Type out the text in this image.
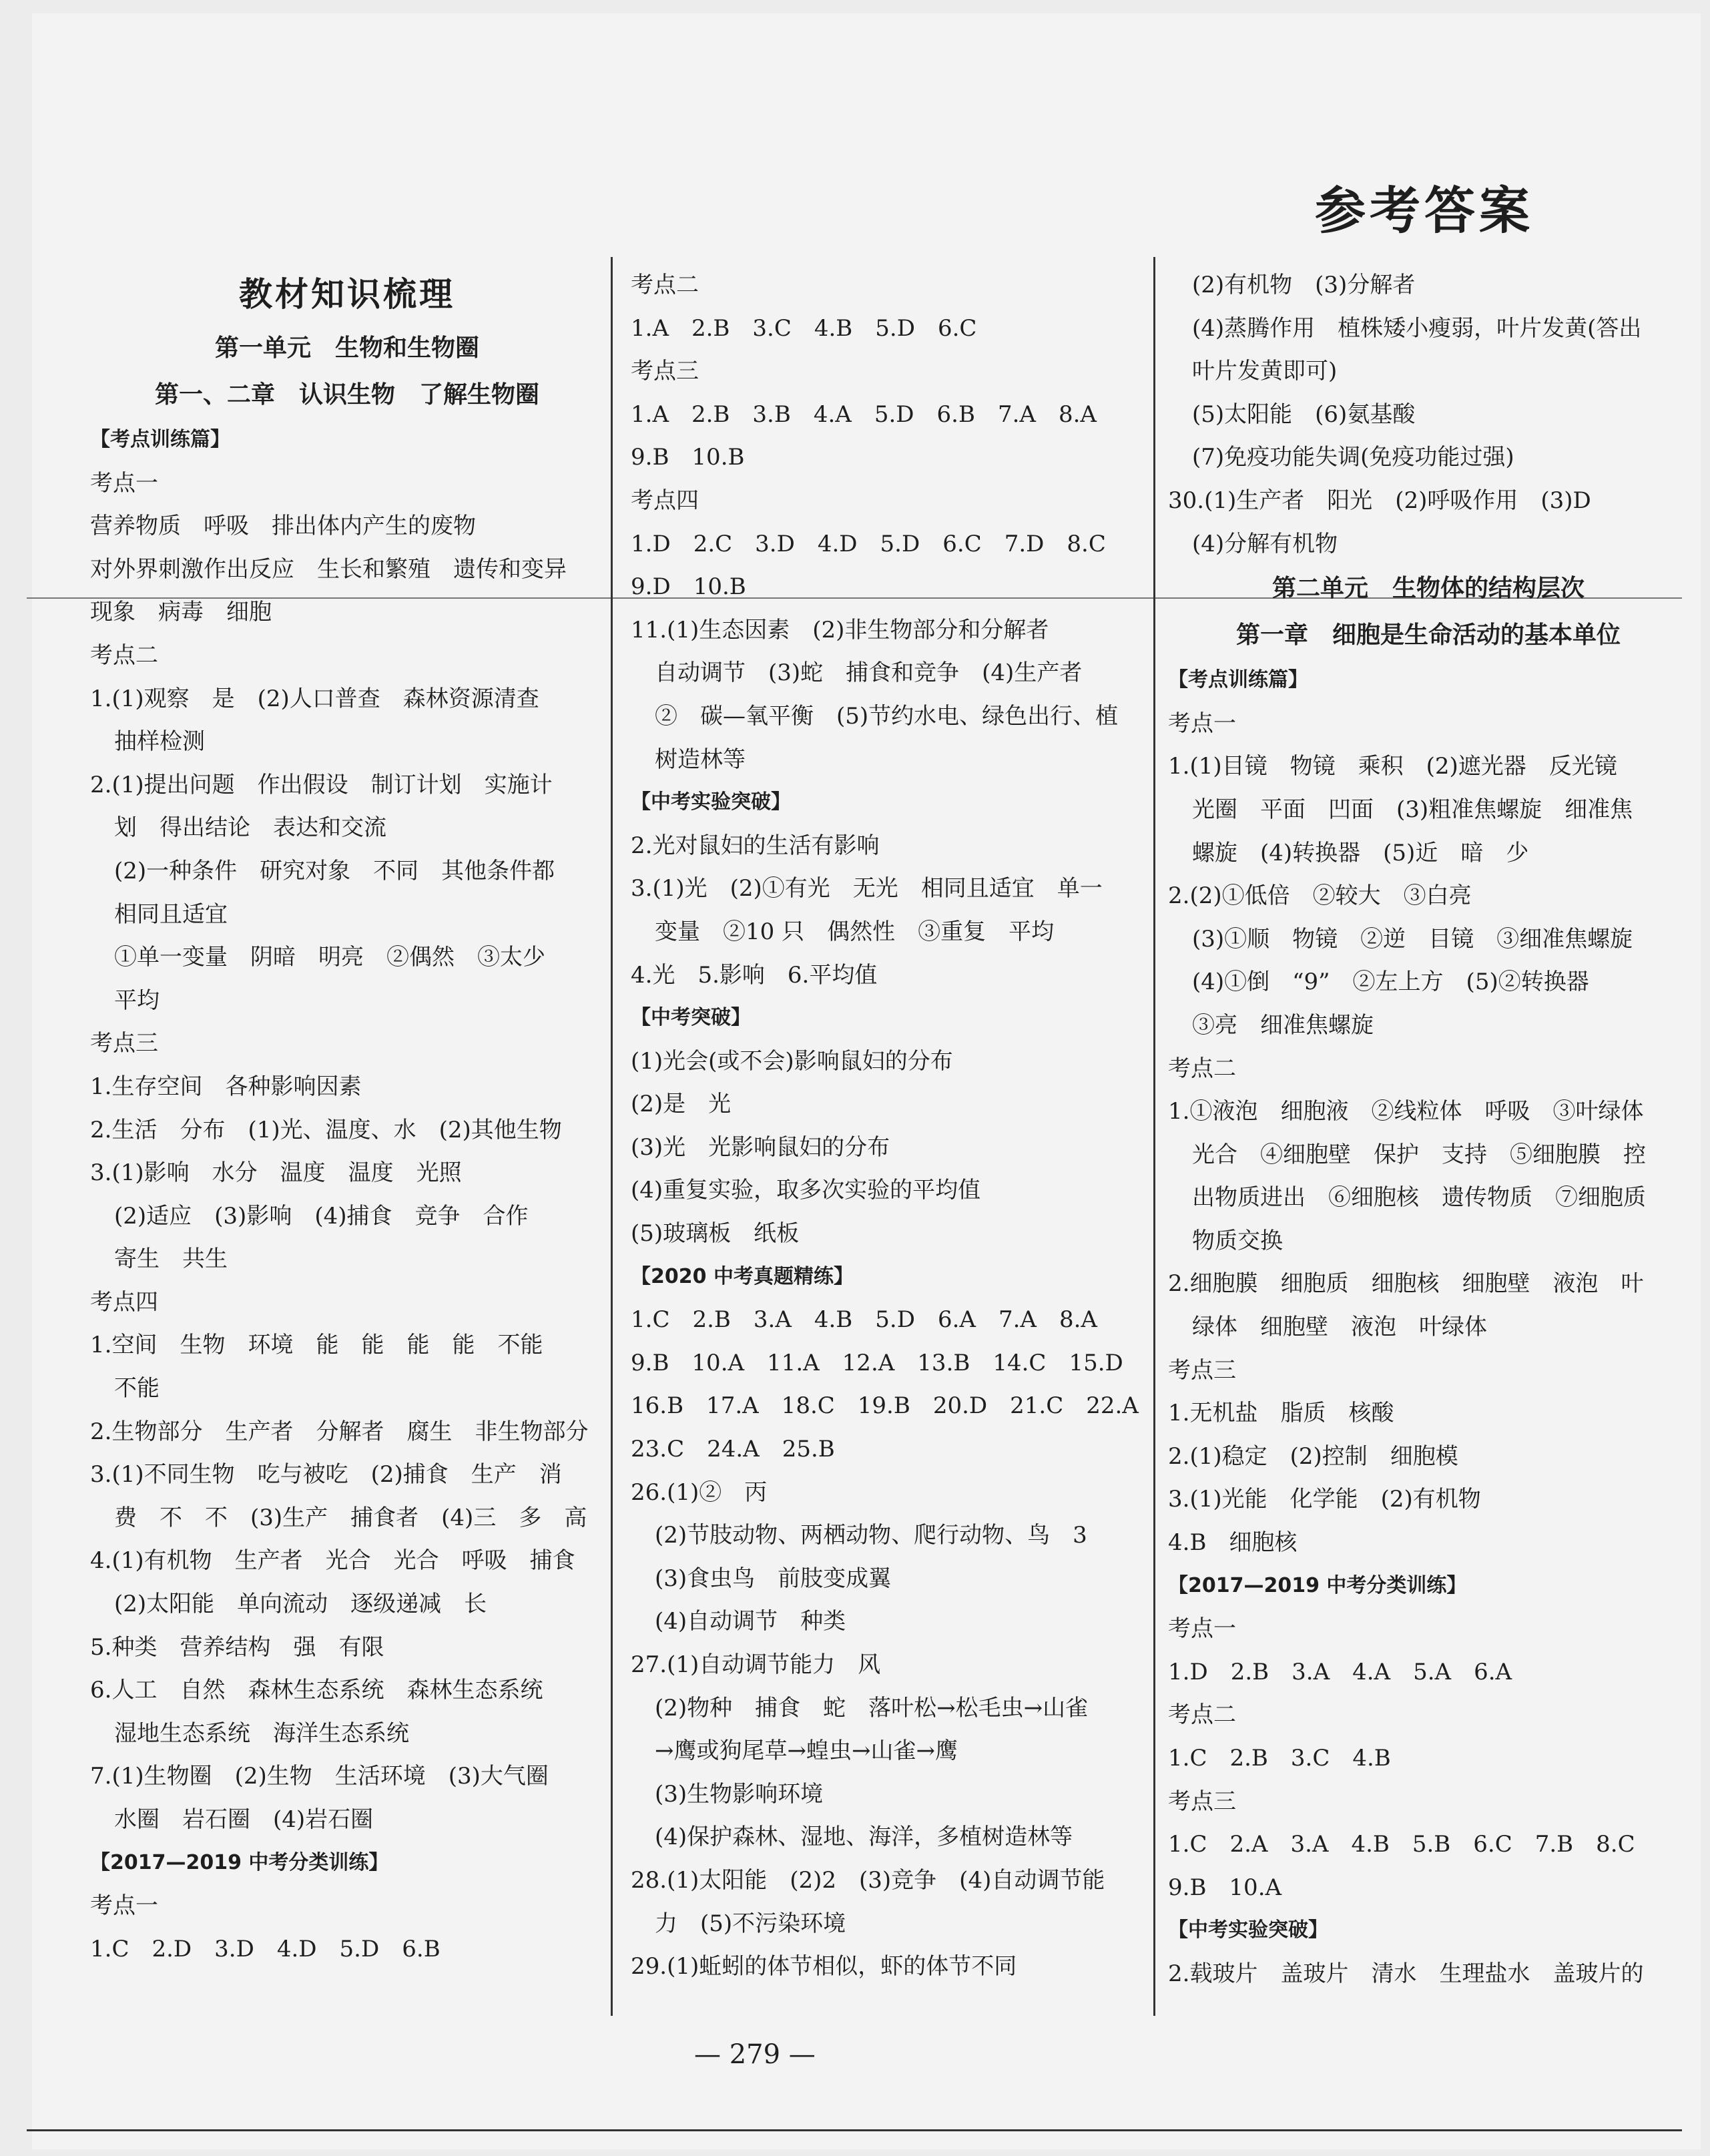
参考答案
教材知识梳理
第一单元　生物和生物圈
第一、二章　认识生物　了解生物圈
【考点训练篇】
考点一
营养物质　呼吸　排出体内产生的废物
对外界刺激作出反应　生长和繁殖　遗传和变异
现象　病毒　细胞
考点二
1.(1)观察　是　(2)人口普查　森林资源清查
抽样检测
2.(1)提出问题　作出假设　制订计划　实施计
划　得出结论　表达和交流
(2)一种条件　研究对象　不同　其他条件都
相同且适宜
①单一变量　阴暗　明亮　②偶然　③太少
平均
考点三
1.生存空间　各种影响因素
2.生活　分布　(1)光、温度、水　(2)其他生物
3.(1)影响　水分　温度　温度　光照
(2)适应　(3)影响　(4)捕食　竞争　合作
寄生　共生
考点四
1.空间　生物　环境　能　能　能　能　不能
不能
2.生物部分　生产者　分解者　腐生　非生物部分
3.(1)不同生物　吃与被吃　(2)捕食　生产　消
费　不　不　(3)生产　捕食者　(4)三　多　高
4.(1)有机物　生产者　光合　光合　呼吸　捕食
(2)太阳能　单向流动　逐级递减　长
5.种类　营养结构　强　有限
6.人工　自然　森林生态系统　森林生态系统
湿地生态系统　海洋生态系统
7.(1)生物圈　(2)生物　生活环境　(3)大气圈
水圈　岩石圈　(4)岩石圈
【2017—2019 中考分类训练】
考点一
1.C　2.D　3.D　4.D　5.D　6.B
考点二
1.A　2.B　3.C　4.B　5.D　6.C
考点三
1.A　2.B　3.B　4.A　5.D　6.B　7.A　8.A
9.B　10.B
考点四
1.D　2.C　3.D　4.D　5.D　6.C　7.D　8.C
9.D　10.B
11.(1)生态因素　(2)非生物部分和分解者
自动调节　(3)蛇　捕食和竞争　(4)生产者
②　碳—氧平衡　(5)节约水电、绿色出行、植
树造林等
【中考实验突破】
2.光对鼠妇的生活有影响
3.(1)光　(2)①有光　无光　相同且适宜　单一
变量　②10 只　偶然性　③重复　平均
4.光　5.影响　6.平均值
【中考突破】
(1)光会(或不会)影响鼠妇的分布
(2)是　光
(3)光　光影响鼠妇的分布
(4)重复实验，取多次实验的平均值
(5)玻璃板　纸板
【2020 中考真题精练】
1.C　2.B　3.A　4.B　5.D　6.A　7.A　8.A
9.B　10.A　11.A　12.A　13.B　14.C　15.D
16.B　17.A　18.C　19.B　20.D　21.C　22.A
23.C　24.A　25.B
26.(1)②　丙
(2)节肢动物、两栖动物、爬行动物、鸟　3
(3)食虫鸟　前肢变成翼
(4)自动调节　种类
27.(1)自动调节能力　风
(2)物种　捕食　蛇　落叶松→松毛虫→山雀
→鹰或狗尾草→蝗虫→山雀→鹰
(3)生物影响环境
(4)保护森林、湿地、海洋，多植树造林等
28.(1)太阳能　(2)2　(3)竞争　(4)自动调节能
力　(5)不污染环境
29.(1)蚯蚓的体节相似，虾的体节不同
(2)有机物　(3)分解者
(4)蒸腾作用　植株矮小瘦弱，叶片发黄(答出
叶片发黄即可)
(5)太阳能　(6)氨基酸
(7)免疫功能失调(免疫功能过强)
30.(1)生产者　阳光　(2)呼吸作用　(3)D
(4)分解有机物
第二单元　生物体的结构层次
第一章　细胞是生命活动的基本单位
【考点训练篇】
考点一
1.(1)目镜　物镜　乘积　(2)遮光器　反光镜
光圈　平面　凹面　(3)粗准焦螺旋　细准焦
螺旋　(4)转换器　(5)近　暗　少
2.(2)①低倍　②较大　③白亮
(3)①顺　物镜　②逆　目镜　③细准焦螺旋
(4)①倒　“9”　②左上方　(5)②转换器
③亮　细准焦螺旋
考点二
1.①液泡　细胞液　②线粒体　呼吸　③叶绿体
光合　④细胞壁　保护　支持　⑤细胞膜　控
出物质进出　⑥细胞核　遗传物质　⑦细胞质
物质交换
2.细胞膜　细胞质　细胞核　细胞壁　液泡　叶
绿体　细胞壁　液泡　叶绿体
考点三
1.无机盐　脂质　核酸
2.(1)稳定　(2)控制　细胞模
3.(1)光能　化学能　(2)有机物
4.B　细胞核
【2017—2019 中考分类训练】
考点一
1.D　2.B　3.A　4.A　5.A　6.A
考点二
1.C　2.B　3.C　4.B
考点三
1.C　2.A　3.A　4.B　5.B　6.C　7.B　8.C
9.B　10.A
【中考实验突破】
2.载玻片　盖玻片　清水　生理盐水　盖玻片的
— 279 —
